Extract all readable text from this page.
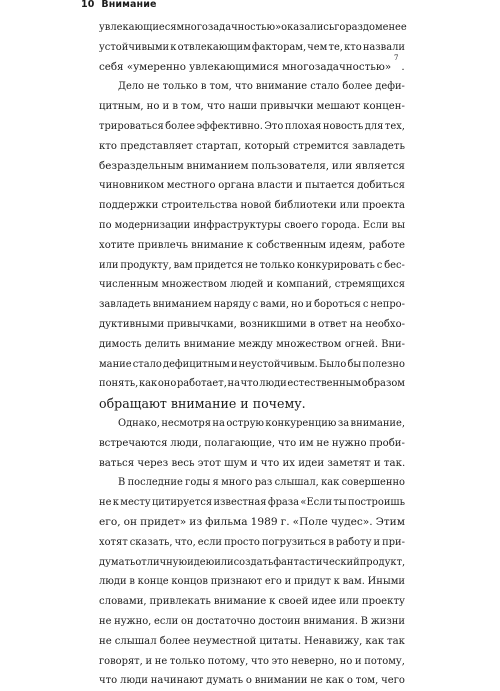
10 Внимание
увлекающиеся многозадачностью» оказались гораздо менее
устойчивыми к отвлекающим факторам, чем те, кто назвали
себя «умеренно увлекающимися многозадачностью»
7
.
Дело не только в том, что внимание стало более дефи-
цитным, но и в том, что наши привычки мешают концен-
трироваться более эффективно. Это плохая новость для тех,
кто представляет стартап, который стремится завладеть
безраздельным вниманием пользователя, или является
чиновником местного органа власти и пытается добиться
поддержки строительства новой библиотеки или проекта
по модернизации инфраструктуры своего города. Если вы
хотите привлечь внимание к собственным идеям, работе
или продукту, вам придется не только конкурировать с бес-
численным множеством людей и компаний, стремящихся
завладеть вниманием наряду с вами, но и бороться с непро-
дуктивными привычками, возникшими в ответ на необхо-
димость делить внимание между множеством огней. Вни-
мание стало дефицитным и неустойчивым. Было бы полезно
понять, как оно работает, на что люди естественным образом
обращают внимание и почему.
Однако, несмотря на острую конкуренцию за внимание,
встречаются люди, полагающие, что им не нужно проби-
ваться через весь этот шум и что их идеи заметят и так.
В последние годы я много раз слышал, как совершенно
не к месту цитируется известная фраза «Если ты построишь
его, он придет» из фильма 1989 г. «Поле чудес». Этим
хотят сказать, что, если просто погрузиться в работу и при-
думать отличную идею или создать фантастический продукт,
люди в конце концов признают его и придут к вам. Иными
словами, привлекать внимание к своей идее или проекту
не нужно, если он достаточно достоин внимания. В жизни
не слышал более неуместной цитаты. Ненавижу, как так
говорят, и не только потому, что это неверно, но и потому,
что люди начинают думать о внимании не как о том, чего
